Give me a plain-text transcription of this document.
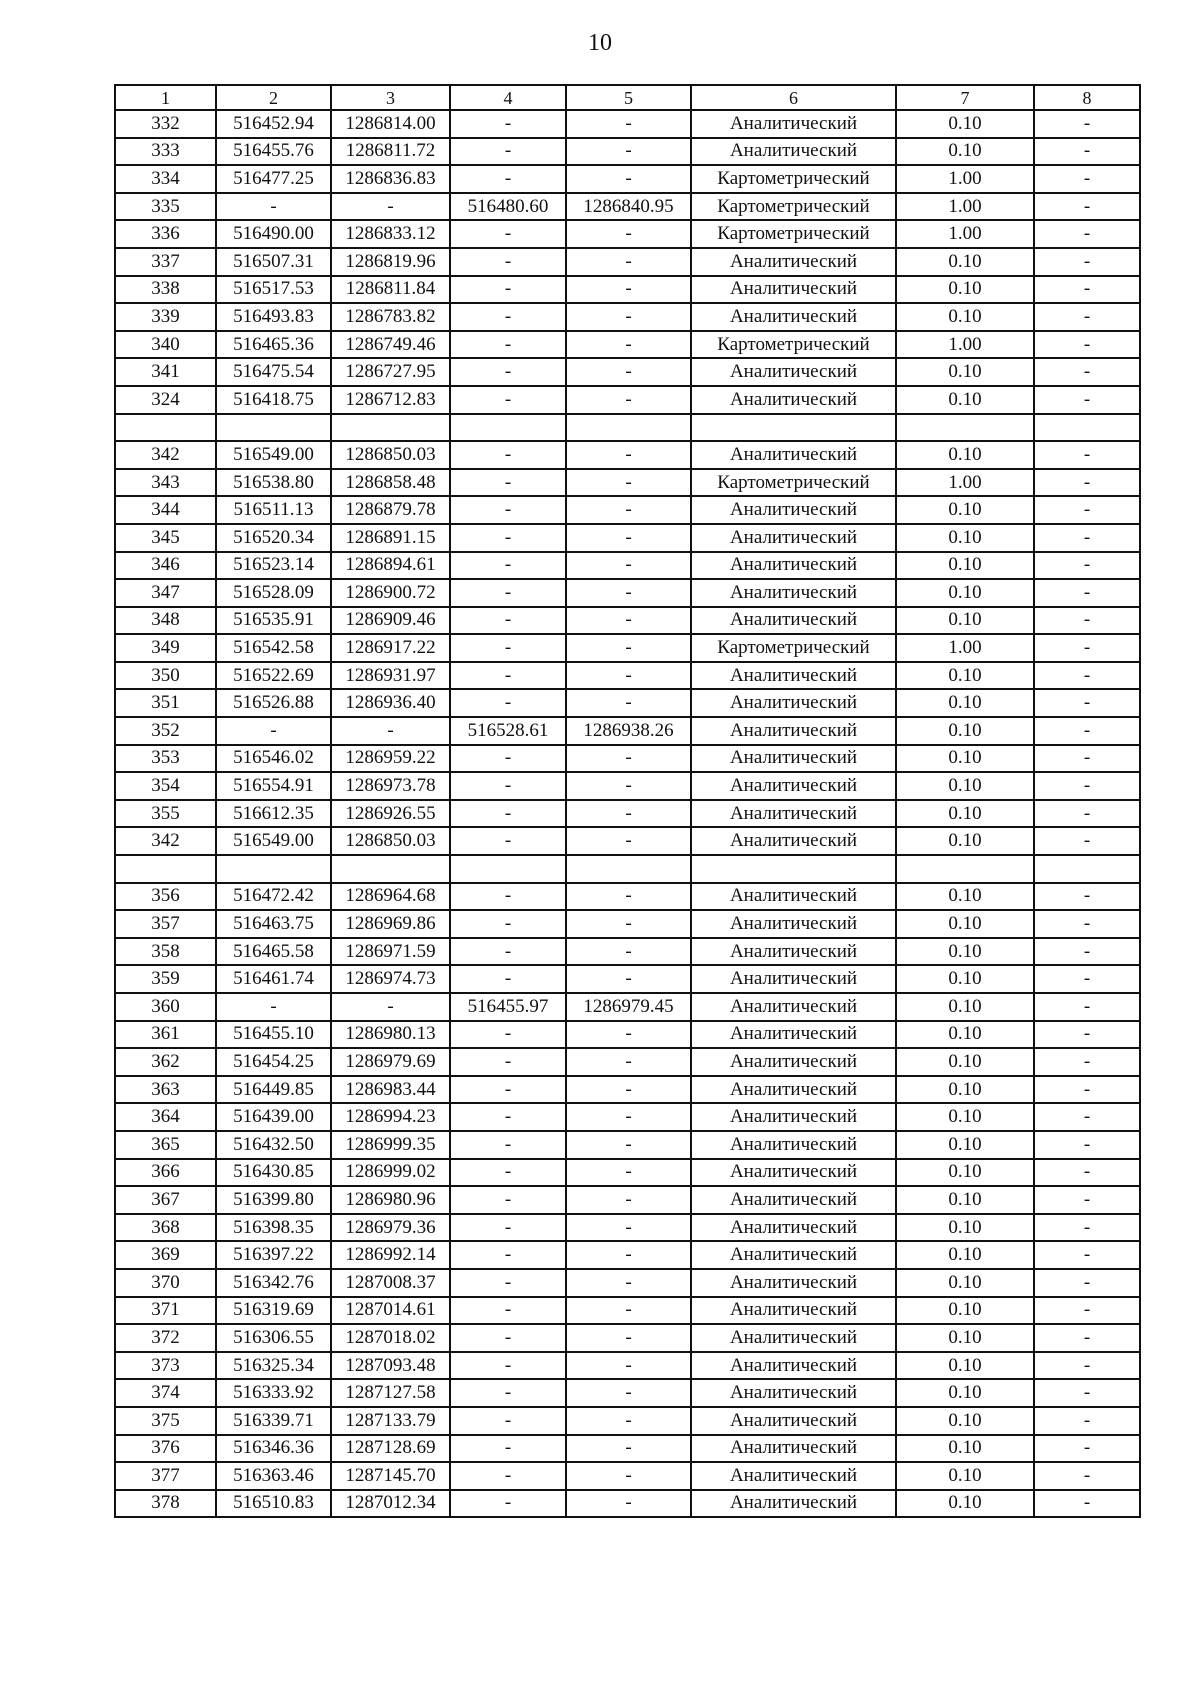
10
1	2	3	4	5	6	7	8
332	516452.94	1286814.00	-	-	Аналитический	0.10	-
333	516455.76	1286811.72	-	-	Аналитический	0.10	-
334	516477.25	1286836.83	-	-	Картометрический	1.00	-
335	-	-	516480.60	1286840.95	Картометрический	1.00	-
336	516490.00	1286833.12	-	-	Картометрический	1.00	-
337	516507.31	1286819.96	-	-	Аналитический	0.10	-
338	516517.53	1286811.84	-	-	Аналитический	0.10	-
339	516493.83	1286783.82	-	-	Аналитический	0.10	-
340	516465.36	1286749.46	-	-	Картометрический	1.00	-
341	516475.54	1286727.95	-	-	Аналитический	0.10	-
324	516418.75	1286712.83	-	-	Аналитический	0.10	-

342	516549.00	1286850.03	-	-	Аналитический	0.10	-
343	516538.80	1286858.48	-	-	Картометрический	1.00	-
344	516511.13	1286879.78	-	-	Аналитический	0.10	-
345	516520.34	1286891.15	-	-	Аналитический	0.10	-
346	516523.14	1286894.61	-	-	Аналитический	0.10	-
347	516528.09	1286900.72	-	-	Аналитический	0.10	-
348	516535.91	1286909.46	-	-	Аналитический	0.10	-
349	516542.58	1286917.22	-	-	Картометрический	1.00	-
350	516522.69	1286931.97	-	-	Аналитический	0.10	-
351	516526.88	1286936.40	-	-	Аналитический	0.10	-
352	-	-	516528.61	1286938.26	Аналитический	0.10	-
353	516546.02	1286959.22	-	-	Аналитический	0.10	-
354	516554.91	1286973.78	-	-	Аналитический	0.10	-
355	516612.35	1286926.55	-	-	Аналитический	0.10	-
342	516549.00	1286850.03	-	-	Аналитический	0.10	-

356	516472.42	1286964.68	-	-	Аналитический	0.10	-
357	516463.75	1286969.86	-	-	Аналитический	0.10	-
358	516465.58	1286971.59	-	-	Аналитический	0.10	-
359	516461.74	1286974.73	-	-	Аналитический	0.10	-
360	-	-	516455.97	1286979.45	Аналитический	0.10	-
361	516455.10	1286980.13	-	-	Аналитический	0.10	-
362	516454.25	1286979.69	-	-	Аналитический	0.10	-
363	516449.85	1286983.44	-	-	Аналитический	0.10	-
364	516439.00	1286994.23	-	-	Аналитический	0.10	-
365	516432.50	1286999.35	-	-	Аналитический	0.10	-
366	516430.85	1286999.02	-	-	Аналитический	0.10	-
367	516399.80	1286980.96	-	-	Аналитический	0.10	-
368	516398.35	1286979.36	-	-	Аналитический	0.10	-
369	516397.22	1286992.14	-	-	Аналитический	0.10	-
370	516342.76	1287008.37	-	-	Аналитический	0.10	-
371	516319.69	1287014.61	-	-	Аналитический	0.10	-
372	516306.55	1287018.02	-	-	Аналитический	0.10	-
373	516325.34	1287093.48	-	-	Аналитический	0.10	-
374	516333.92	1287127.58	-	-	Аналитический	0.10	-
375	516339.71	1287133.79	-	-	Аналитический	0.10	-
376	516346.36	1287128.69	-	-	Аналитический	0.10	-
377	516363.46	1287145.70	-	-	Аналитический	0.10	-
378	516510.83	1287012.34	-	-	Аналитический	0.10	-
